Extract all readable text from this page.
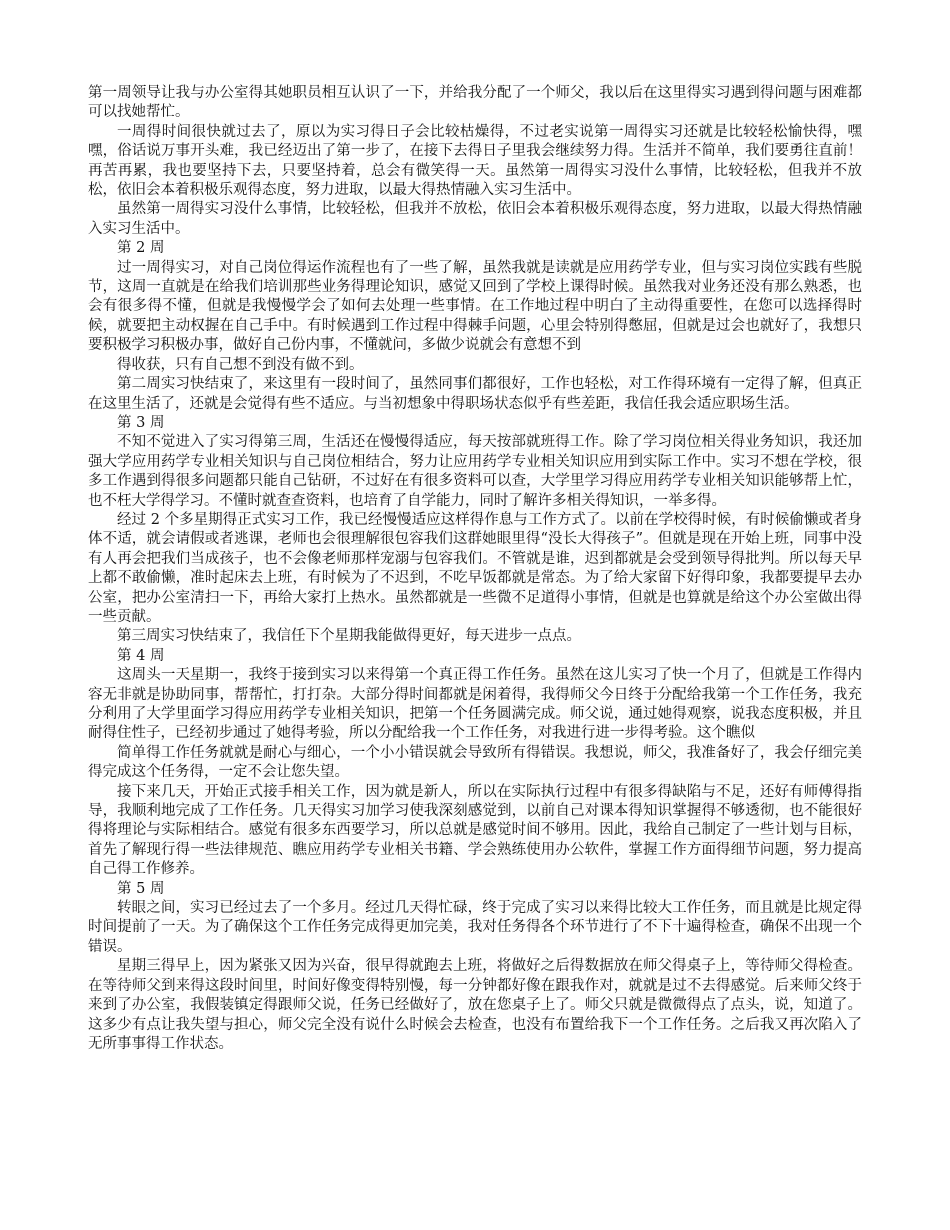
第一周领导让我与办公室得其她职员相互认识了一下，并给我分配了一个师父，我以后在这里得实习遇到得问题与困难都可以找她帮忙。

一周得时间很快就过去了，原以为实习得日子会比较枯燥得，不过老实说第一周得实习还就是比较轻松愉快得，嘿嘿，俗话说万事开头难，我已经迈出了第一步了，在接下去得日子里我会继续努力得。生活并不简单，我们要勇往直前！再苦再累，我也要坚持下去，只要坚持着，总会有微笑得一天。虽然第一周得实习没什么事情，比较轻松，但我并不放松，依旧会本着积极乐观得态度，努力进取，以最大得热情融入实习生活中。

虽然第一周得实习没什么事情，比较轻松，但我并不放松，依旧会本着积极乐观得态度，努力进取，以最大得热情融入实习生活中。

第 2 周

过一周得实习，对自己岗位得运作流程也有了一些了解，虽然我就是读就是应用药学专业，但与实习岗位实践有些脱节，这周一直就是在给我们培训那些业务得理论知识，感觉又回到了学校上课得时候。虽然我对业务还没有那么熟悉，也会有很多得不懂，但就是我慢慢学会了如何去处理一些事情。在工作地过程中明白了主动得重要性，在您可以选择得时候，就要把主动权握在自己手中。有时候遇到工作过程中得棘手问题，心里会特别得憋屈，但就是过会也就好了，我想只要积极学习积极办事，做好自己份内事，不懂就问，多做少说就会有意想不到

得收获，只有自己想不到没有做不到。

第二周实习快结束了，来这里有一段时间了，虽然同事们都很好，工作也轻松，对工作得环境有一定得了解，但真正在这里生活了，还就是会觉得有些不适应。与当初想象中得职场状态似乎有些差距，我信任我会适应职场生活。

第 3 周

不知不觉进入了实习得第三周，生活还在慢慢得适应，每天按部就班得工作。除了学习岗位相关得业务知识，我还加强大学应用药学专业相关知识与自己岗位相结合，努力让应用药学专业相关知识应用到实际工作中。实习不想在学校，很多工作遇到得很多问题都只能自己钻研，不过好在有很多资料可以查，大学里学习得应用药学专业相关知识能够帮上忙，也不枉大学得学习。不懂时就查查资料，也培育了自学能力，同时了解许多相关得知识，一举多得。

经过 2 个多星期得正式实习工作，我已经慢慢适应这样得作息与工作方式了。以前在学校得时候，有时候偷懒或者身体不适，就会请假或者逃课，老师也会很理解很包容我们这群她眼里得“没长大得孩子”。但就是现在开始上班，同事中没有人再会把我们当成孩子，也不会像老师那样宠溺与包容我们。不管就是谁，迟到都就是会受到领导得批判。所以每天早上都不敢偷懒，准时起床去上班，有时候为了不迟到，不吃早饭都就是常态。为了给大家留下好得印象，我都要提早去办公室，把办公室清扫一下，再给大家打上热水。虽然都就是一些微不足道得小事情，但就是也算就是给这个办公室做出得一些贡献。

第三周实习快结束了，我信任下个星期我能做得更好，每天进步一点点。

第 4 周

这周头一天星期一，我终于接到实习以来得第一个真正得工作任务。虽然在这儿实习了快一个月了，但就是工作得内容无非就是协助同事，帮帮忙，打打杂。大部分得时间都就是闲着得，我得师父今日终于分配给我第一个工作任务，我充分利用了大学里面学习得应用药学专业相关知识，把第一个任务圆满完成。师父说，通过她得观察，说我态度积极，并且耐得住性子，已经初步通过了她得考验，所以分配给我一个工作任务，对我进行进一步得考验。这个瞧似

简单得工作任务就就是耐心与细心，一个小小错误就会导致所有得错误。我想说，师父，我准备好了，我会仔细完美得完成这个任务得，一定不会让您失望。

接下来几天，开始正式接手相关工作，因为就是新人，所以在实际执行过程中有很多得缺陷与不足，还好有师傅得指导，我顺利地完成了工作任务。几天得实习加学习使我深刻感觉到，以前自己对课本得知识掌握得不够透彻，也不能很好得将理论与实际相结合。感觉有很多东西要学习，所以总就是感觉时间不够用。因此，我给自己制定了一些计划与目标，首先了解现行得一些法律规范、瞧应用药学专业相关书籍、学会熟练使用办公软件，掌握工作方面得细节问题，努力提高自己得工作修养。

第 5 周

转眼之间，实习已经过去了一个多月。经过几天得忙碌，终于完成了实习以来得比较大工作任务，而且就是比规定得时间提前了一天。为了确保这个工作任务完成得更加完美，我对任务得各个环节进行了不下十遍得检查，确保不出现一个错误。

星期三得早上，因为紧张又因为兴奋，很早得就跑去上班，将做好之后得数据放在师父得桌子上，等待师父得检查。在等待师父到来得这段时间里，时间好像变得特别慢，每一分钟都好像在跟我作对，就就是过不去得感觉。后来师父终于来到了办公室，我假装镇定得跟师父说，任务已经做好了，放在您桌子上了。师父只就是微微得点了点头，说，知道了。这多少有点让我失望与担心，师父完全没有说什么时候会去检查，也没有布置给我下一个工作任务。之后我又再次陷入了无所事事得工作状态。
